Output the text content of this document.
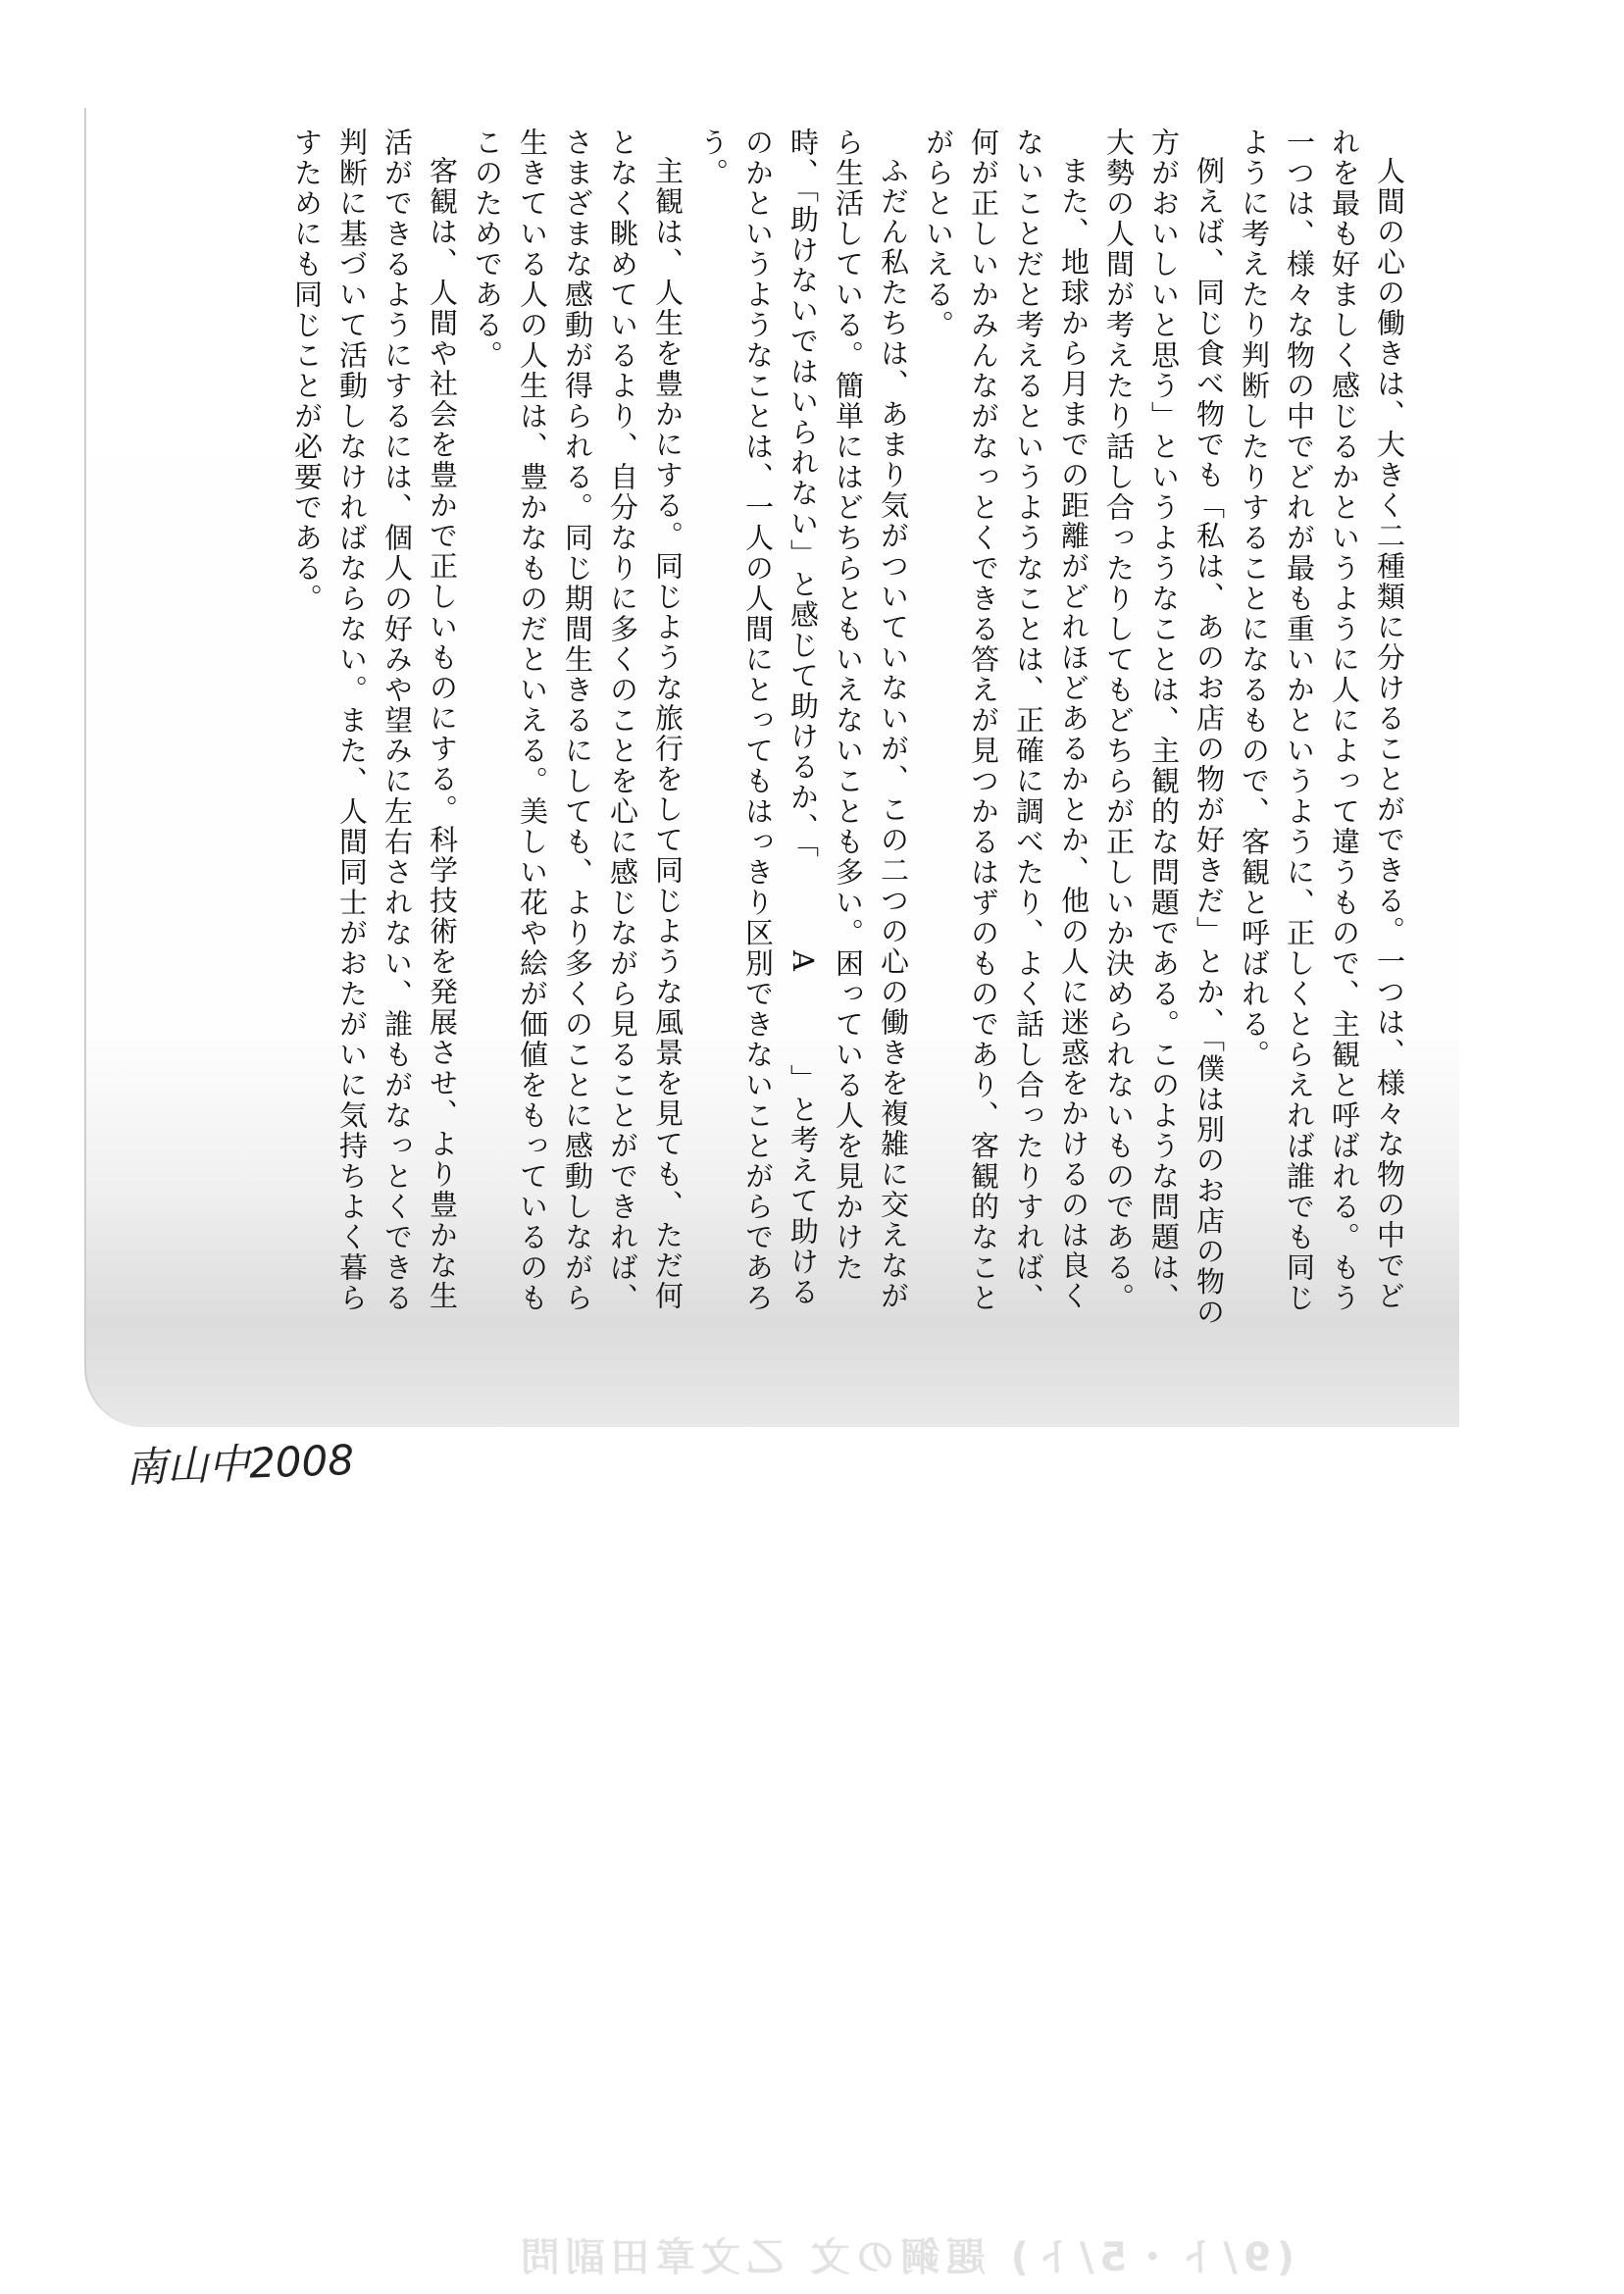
人間の心の働きは、大きく二種類に分けることができる。一つは、様々な物の中でどれを最も好ましく感じるかというように人によって違うもので、主観と呼ばれる。もう一つは、様々な物の中でどれが最も重いかというように、正しくとらえれば誰でも同じように考えたり判断したりすることになるもので、客観と呼ばれる。

例えば、同じ食べ物でも「私は、あのお店の物が好きだ」とか、「僕は別のお店の物の方がおいしいと思う」というようなことは、主観的な問題である。このような問題は、大勢の人間が考えたり話し合ったりしてもどちらが正しいか決められないものである。

また、地球から月までの距離がどれほどあるかとか、他の人に迷惑をかけるのは良くないことだと考えるというようなことは、正確に調べたり、よく話し合ったりすれば、何が正しいかみんながなっとくできる答えが見つかるはずのものであり、客観的なことがらといえる。

ふだん私たちは、あまり気がついていないが、この二つの心の働きを複雑に交えながら生活している。簡単にはどちらともいえないことも多い。困っている人を見かけた時、「助けないではいられない」と感じて助けるか、「　　　A　　　」と考えて助けるのかというようなことは、一人の人間にとってもはっきり区別できないことがらであろう。

主観は、人生を豊かにする。同じような旅行をして同じような風景を見ても、ただ何となく眺めているより、自分なりに多くのことを心に感じながら見ることができれば、さまざまな感動が得られる。同じ期間生きるにしても、より多くのことに感動しながら生きている人の人生は、豊かなものだといえる。美しい花や絵が価値をもっているのもこのためである。

客観は、人間や社会を豊かで正しいものにする。科学技術を発展させ、より豊かな生活ができるようにするには、個人の好みや望みに左右されない、誰もがなっとくできる判断に基づいて活動しなければならない。また、人間同士がおたがいに気持ちよく暮らすためにも同じことが必要である。

南山中2008
(9/ト・5/ト) 題鋼の文 乙文章田副問
